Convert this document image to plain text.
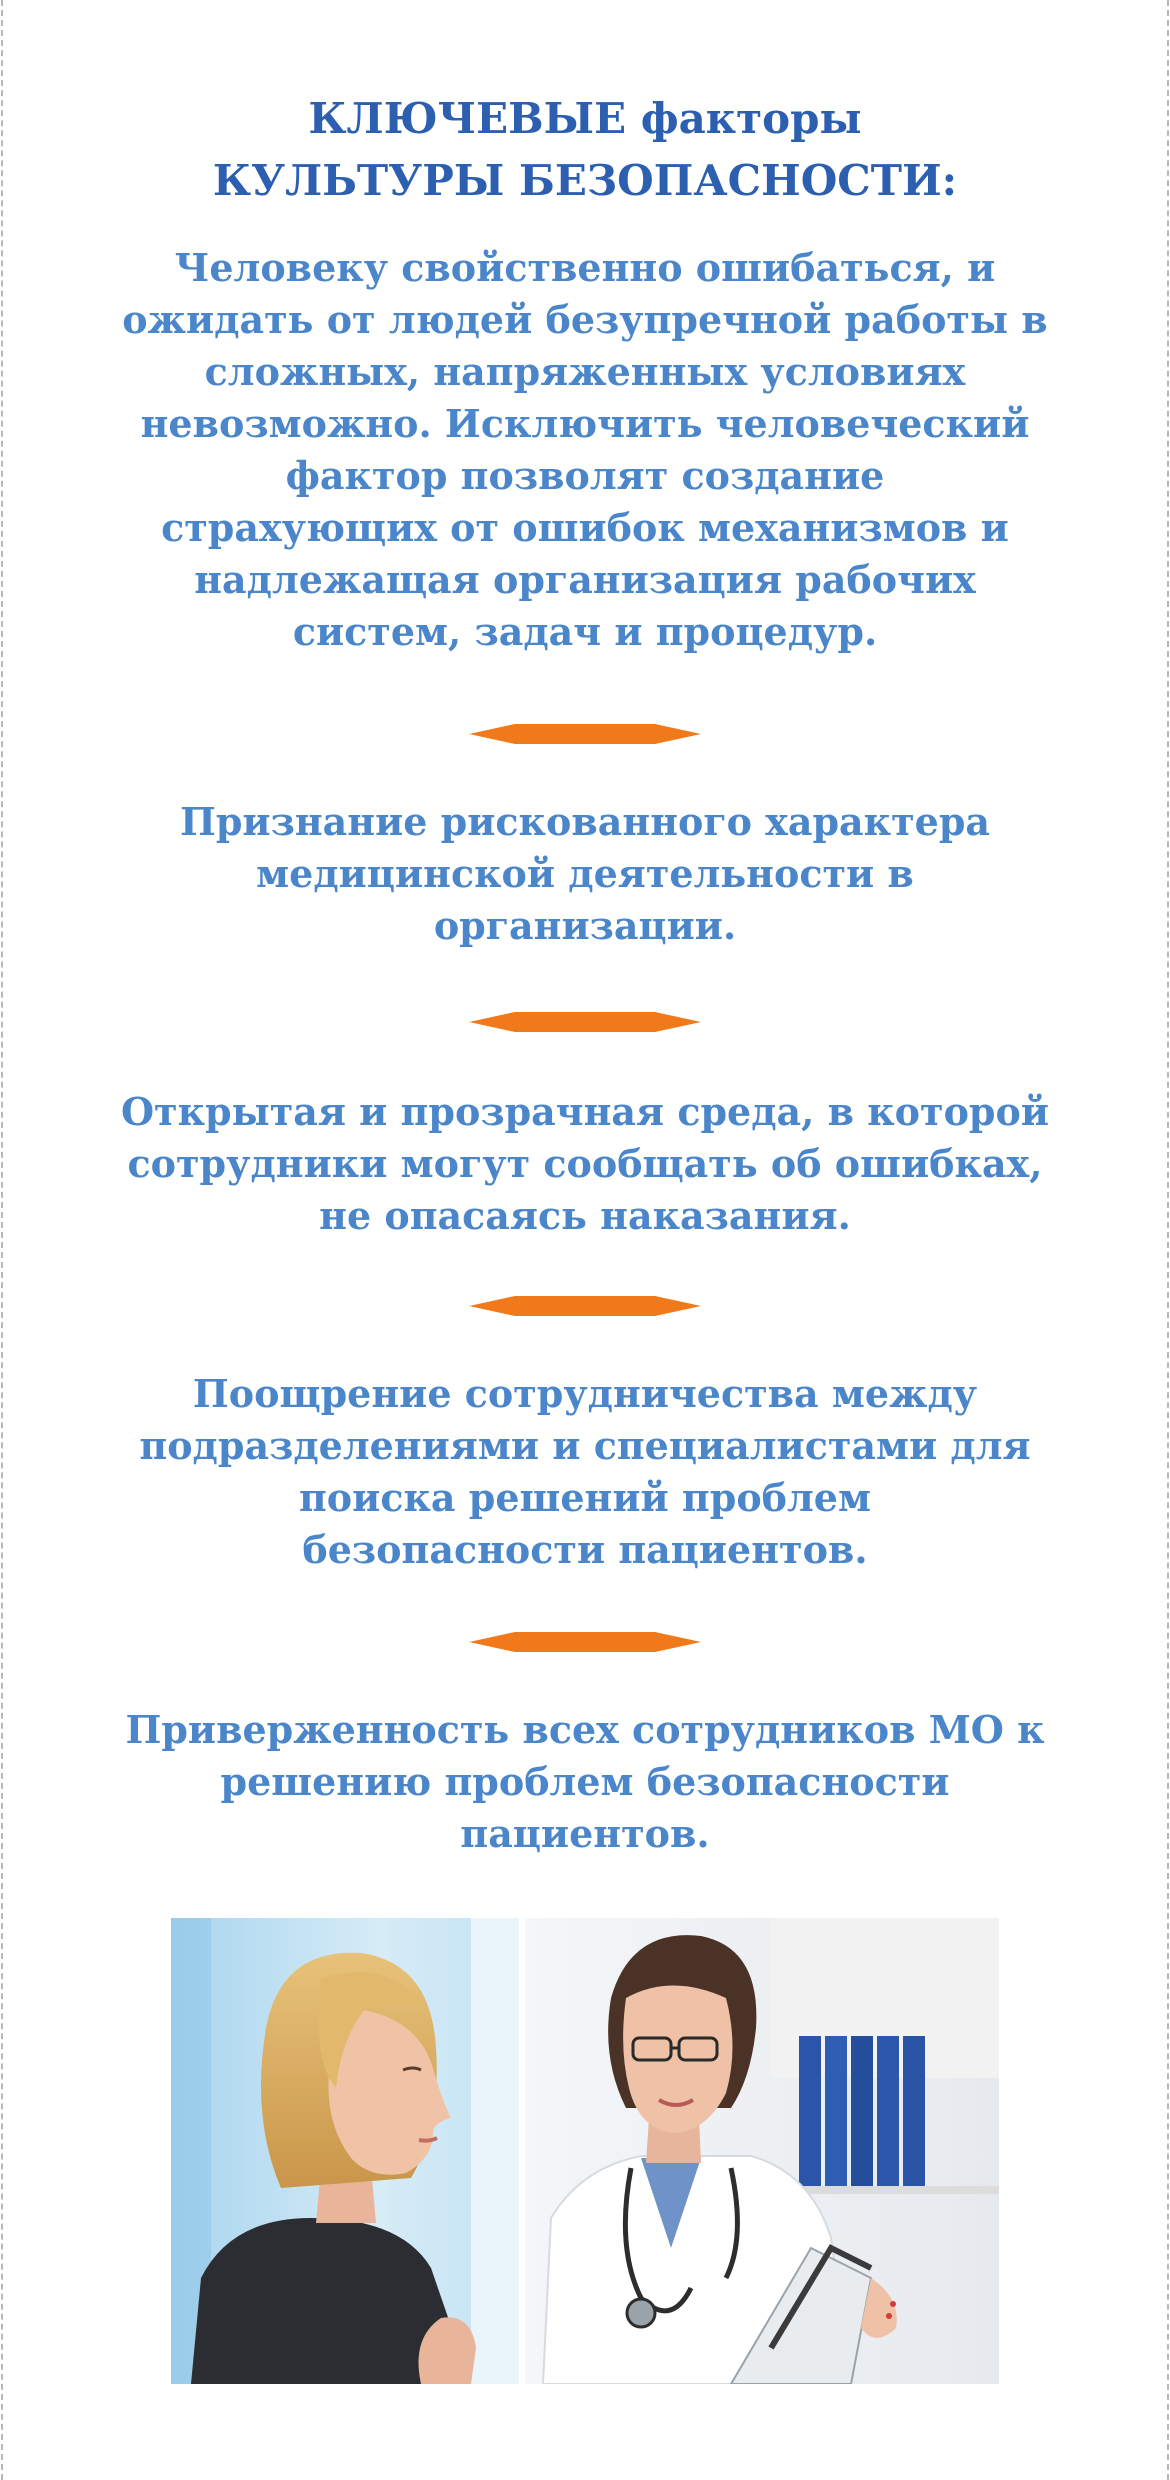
КЛЮЧЕВЫЕ факторы
КУЛЬТУРЫ БЕЗОПАСНОСТИ:

Человеку свойственно ошибаться, и
ожидать от людей безупречной работы в
сложных, напряженных условиях
невозможно. Исключить человеческий
фактор позволят создание
страхующих от ошибок механизмов и
надлежащая организация рабочих
систем, задач и процедур.

Признание рискованного характера
медицинской деятельности в
организации.

Открытая и прозрачная среда, в которой
сотрудники могут сообщать об ошибках,
не опасаясь наказания.

Поощрение сотрудничества между
подразделениями и специалистами для
поиска решений проблем
безопасности пациентов.

Приверженность всех сотрудников МО к
решению проблем безопасности
пациентов.
